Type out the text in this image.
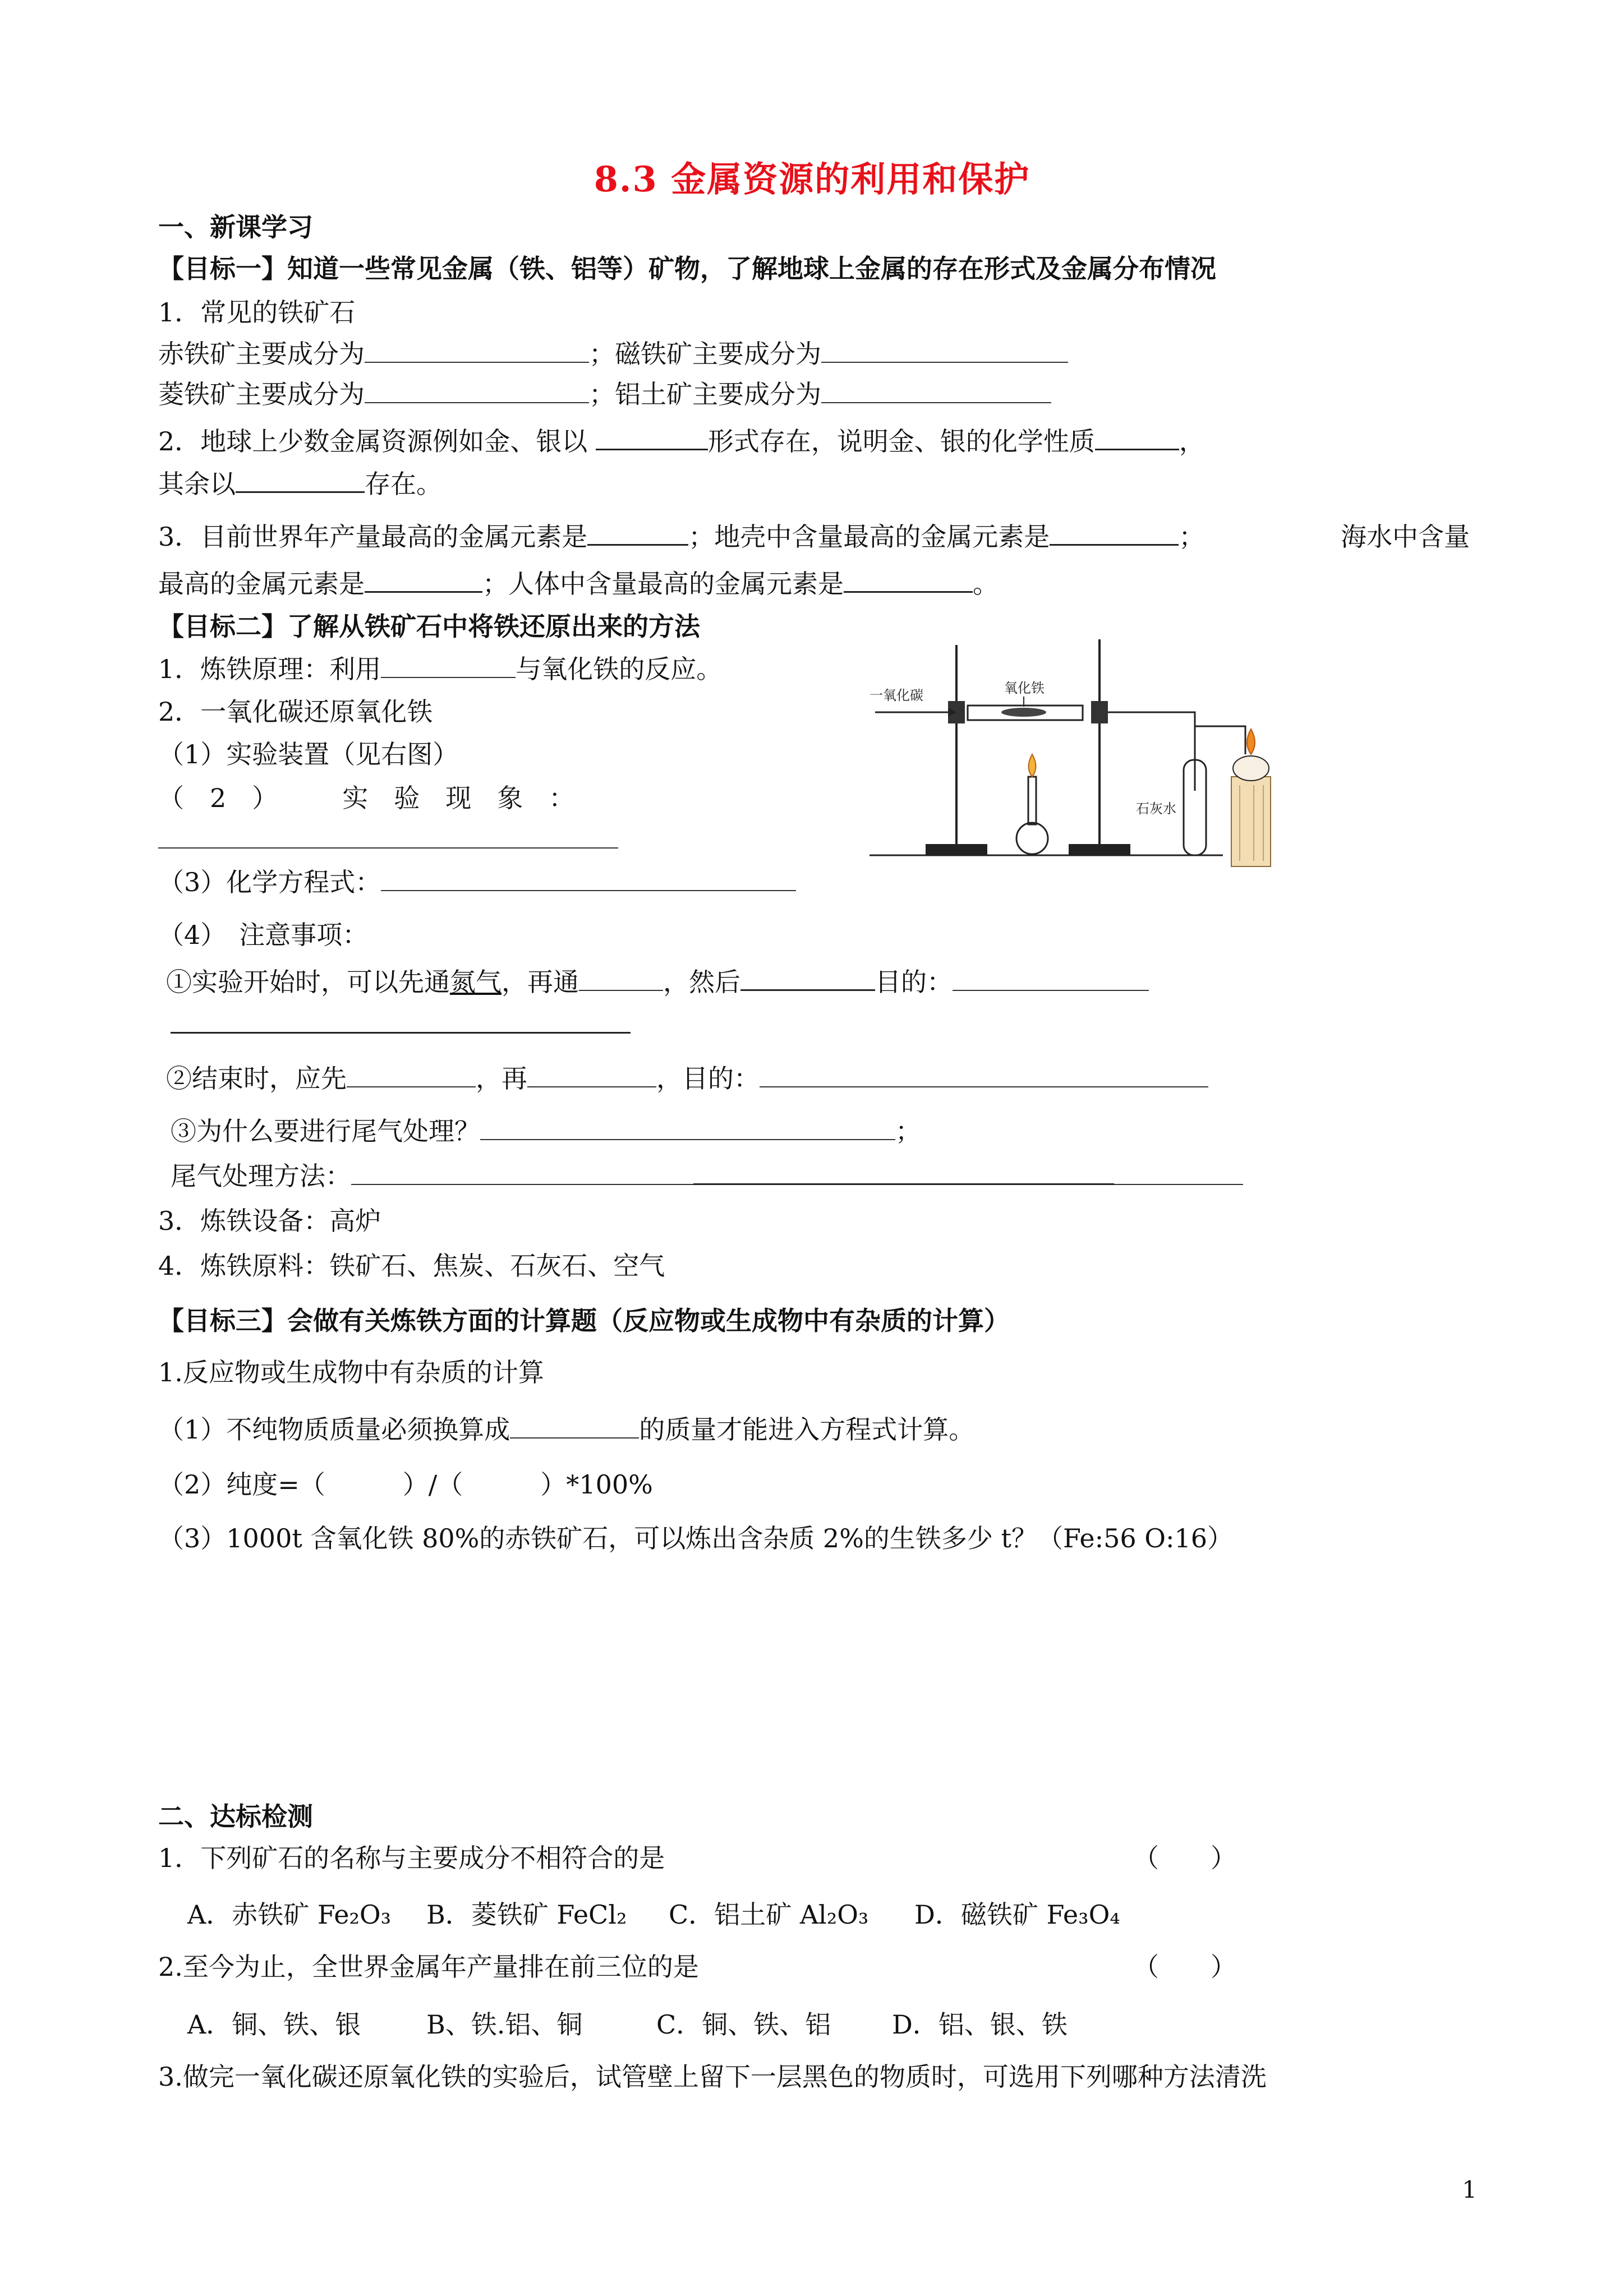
8.3 金属资源的利用和保护
一、新课学习
【目标一】知道一些常见金属（铁、铝等）矿物，了解地球上金属的存在形式及金属分布情况
1．常见的铁矿石
赤铁矿主要成分为	；磁铁矿主要成分为
菱铁矿主要成分为	；铝土矿主要成分为
2．地球上少数金属资源例如金、银以	形式存在，说明金、银的化学性质	，
其余以	存在。
3．目前世界年产量最高的金属元素是	；地壳中含量最高的金属元素是	；	海水中含量
最高的金属元素是	；人体中含量最高的金属元素是	。
【目标二】了解从铁矿石中将铁还原出来的方法
1．炼铁原理：利用	与氧化铁的反应。
2．一氧化碳还原氧化铁
（1）实验装置（见右图）
（　2　）　　　实　验　现　象　：
一氧化碳	氧化铁
石灰水
（3）化学方程式：
（4）　注意事项：
①实验开始时，可以先通氮气，再通	，然后	目的：
②结束时，应先	，再	，目的：
③为什么要进行尾气处理？	；
尾气处理方法：
3．炼铁设备：高炉
4．炼铁原料：铁矿石、焦炭、石灰石、空气
【目标三】会做有关炼铁方面的计算题（反应物或生成物中有杂质的计算）
1.反应物或生成物中有杂质的计算
（1）不纯物质质量必须换算成	的质量才能进入方程式计算。
（2）纯度=（　　　）/（　　　）*100%
（3）1000t 含氧化铁 80%的赤铁矿石，可以炼出含杂质 2%的生铁多少 t？（Fe:56 O:16）
二、达标检测
1．下列矿石的名称与主要成分不相符合的是	（　　）
A．赤铁矿 Fe₂O₃ B．菱铁矿 FeCl₂ C．铝土矿 Al₂O₃ D．磁铁矿 Fe₃O₄
2.至今为止，全世界金属年产量排在前三位的是	（　　）
A．铜、铁、银	B、铁.铝、铜	C．铜、铁、铝 D．铝、银、铁
3.做完一氧化碳还原氧化铁的实验后，试管壁上留下一层黑色的物质时，可选用下列哪种方法清洗
1
